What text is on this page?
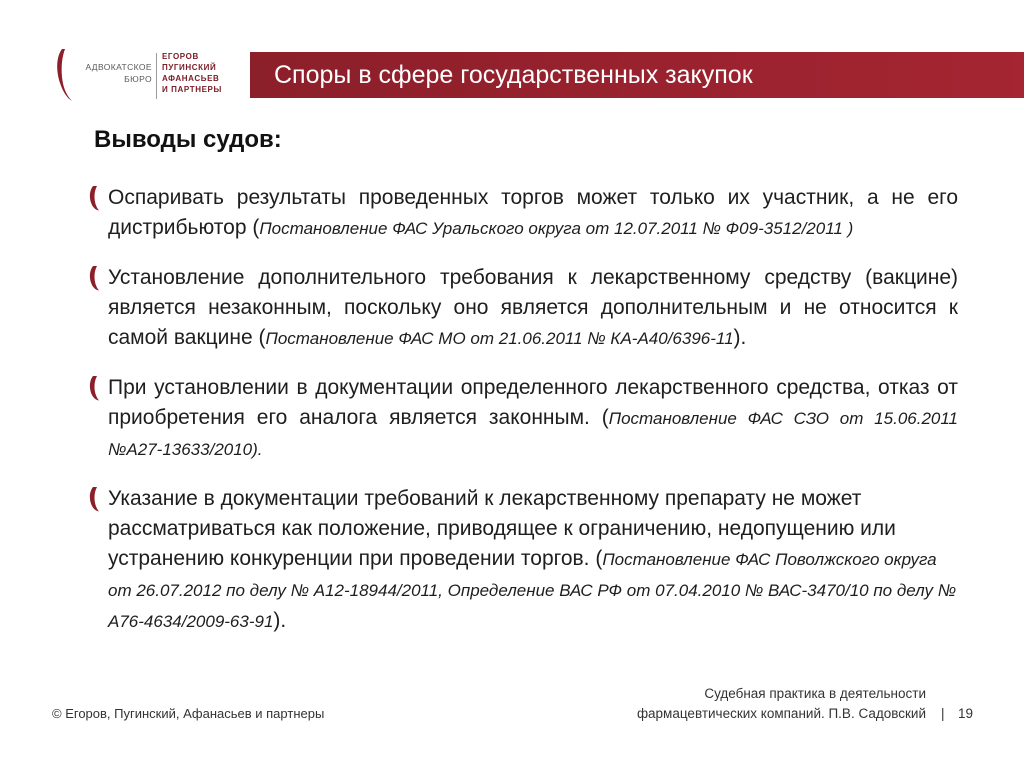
АДВОКАТСКОЕ
БЮРО
ЕГОРОВ
ПУГИНСКИЙ
АФАНАСЬЕВ
И ПАРТНЕРЫ
Споры в сфере государственных закупок
Выводы судов:
Оспаривать результаты проведенных торгов может только их участник, а не его дистрибьютор (Постановление ФАС Уральского округа от 12.07.2011 № Ф09-3512/2011 )
Установление дополнительного требования к лекарственному средству (вакцине) является незаконным, поскольку оно является дополнительным и не относится к самой вакцине (Постановление ФАС МО от 21.06.2011 № КА-А40/6396-11).
При установлении в документации определенного лекарственного средства, отказ от приобретения его аналога является законным. (Постановление ФАС СЗО от 15.06.2011 №А27-13633/2010).
Указание в документации требований к лекарственному препарату не может рассматриваться как положение, приводящее к ограничению, недопущению или устранению конкуренции при проведении торгов. (Постановление ФАС Поволжского округа от 26.07.2012 по делу № А12-18944/2011, Определение ВАС РФ от 07.04.2010 № ВАС-3470/10 по делу № А76-4634/2009-63-91).
© Егоров, Пугинский, Афанасьев и партнеры
Судебная практика в деятельности
фармацевтических компаний. П.В. Садовский | 19
